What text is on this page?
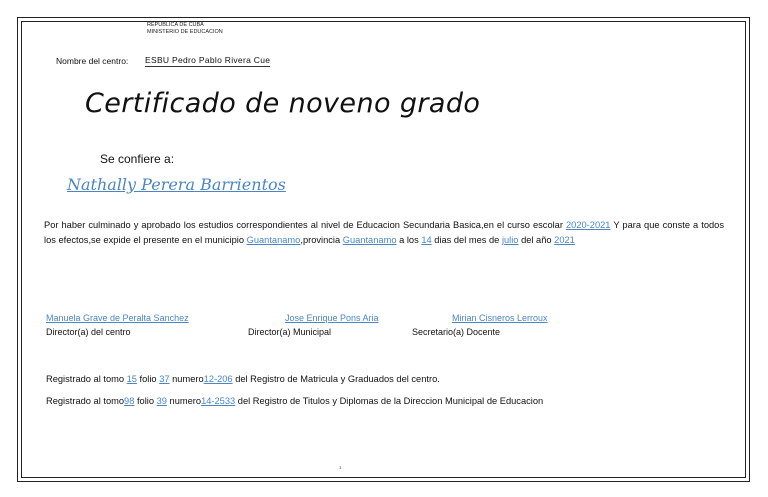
REPUBLICA DE CUBA
MINISTERIO DE EDUCACION
Nombre del centro: ESBU Pedro Pablo Rivera Cue
Certificado de noveno grado
Se confiere a:
Nathally Perera Barrientos
Por haber culminado y aprobado los estudios correspondientes al nivel de Educacion Secundaria Basica,en el curso escolar 2020-2021 Y para que conste a todos los efectos,se expide el presente en el municipio Guantanamo,provincia Guantanamo a los 14 dias del mes de julio del año 2021
Manuela Grave de Peralta Sanchez	Jose Enrique Pons Aria	Mirian Cisneros Lerroux
Director(a) del centro	Director(a) Municipal	Secretario(a) Docente
Registrado al tomo 15 folio 37 numero12-206 del Registro de Matricula y Graduados del centro.
Registrado al tomo98 folio 39 numero14-2533 del Registro de Titulos y Diplomas de la Direccion Municipal de Educacion
1
